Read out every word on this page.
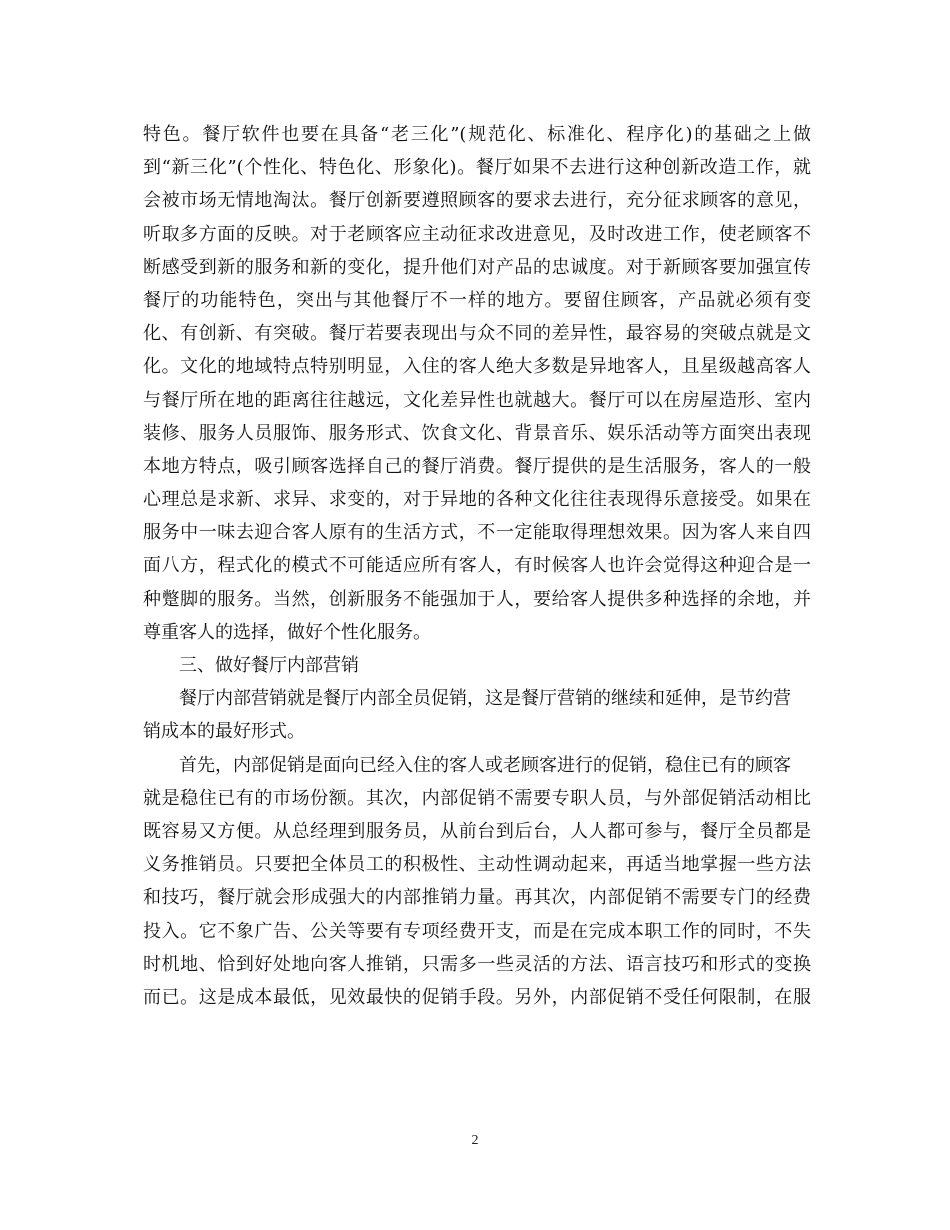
特色。餐厅软件也要在具备“老三化”(规范化、标准化、程序化)的基础之上做
到“新三化”(个性化、特色化、形象化)。餐厅如果不去进行这种创新改造工作，就
会被市场无情地淘汰。餐厅创新要遵照顾客的要求去进行，充分征求顾客的意见，
听取多方面的反映。对于老顾客应主动征求改进意见，及时改进工作，使老顾客不
断感受到新的服务和新的变化，提升他们对产品的忠诚度。对于新顾客要加强宣传
餐厅的功能特色，突出与其他餐厅不一样的地方。要留住顾客，产品就必须有变
化、有创新、有突破。餐厅若要表现出与众不同的差异性，最容易的突破点就是文
化。文化的地域特点特别明显，入住的客人绝大多数是异地客人，且星级越高客人
与餐厅所在地的距离往往越远，文化差异性也就越大。餐厅可以在房屋造形、室内
装修、服务人员服饰、服务形式、饮食文化、背景音乐、娱乐活动等方面突出表现
本地方特点，吸引顾客选择自己的餐厅消费。餐厅提供的是生活服务，客人的一般
心理总是求新、求异、求变的，对于异地的各种文化往往表现得乐意接受。如果在
服务中一味去迎合客人原有的生活方式，不一定能取得理想效果。因为客人来自四
面八方，程式化的模式不可能适应所有客人，有时候客人也许会觉得这种迎合是一
种蹩脚的服务。当然，创新服务不能强加于人，要给客人提供多种选择的余地，并
尊重客人的选择，做好个性化服务。
三、做好餐厅内部营销
餐厅内部营销就是餐厅内部全员促销，这是餐厅营销的继续和延伸，是节约营
销成本的最好形式。
首先，内部促销是面向已经入住的客人或老顾客进行的促销，稳住已有的顾客
就是稳住已有的市场份额。其次，内部促销不需要专职人员，与外部促销活动相比
既容易又方便。从总经理到服务员，从前台到后台，人人都可参与，餐厅全员都是
义务推销员。只要把全体员工的积极性、主动性调动起来，再适当地掌握一些方法
和技巧，餐厅就会形成强大的内部推销力量。再其次，内部促销不需要专门的经费
投入。它不象广告、公关等要有专项经费开支，而是在完成本职工作的同时，不失
时机地、恰到好处地向客人推销，只需多一些灵活的方法、语言技巧和形式的变换
而已。这是成本最低，见效最快的促销手段。另外，内部促销不受任何限制，在服
2
